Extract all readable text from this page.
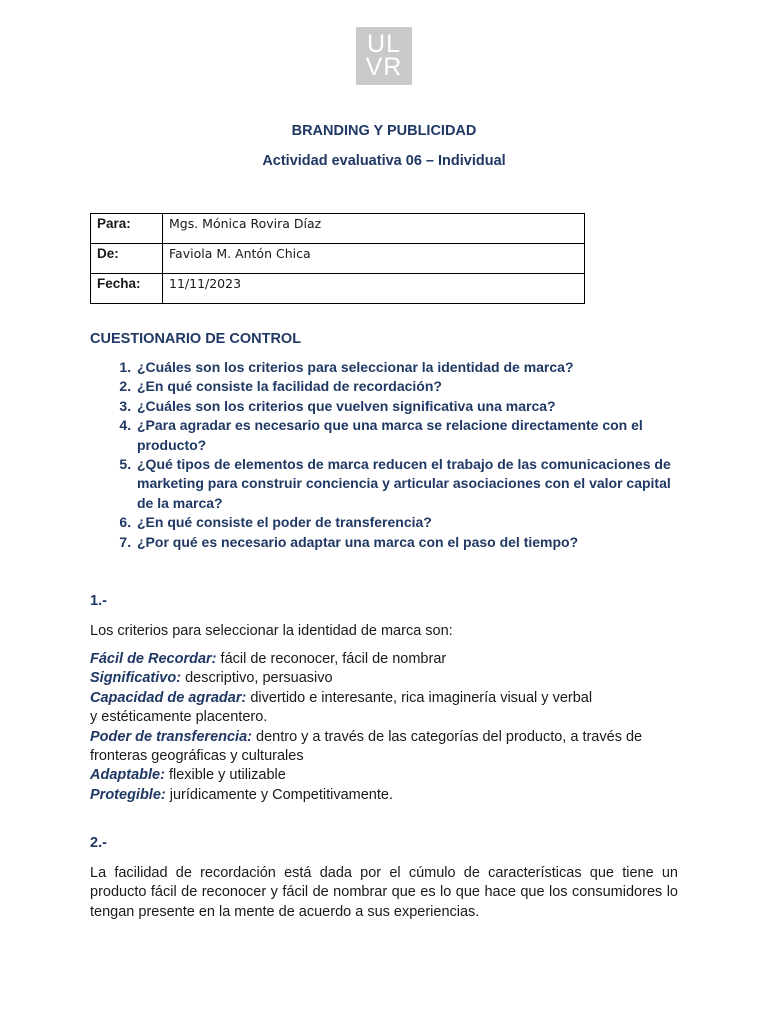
UL
VR
BRANDING Y PUBLICIDAD
Actividad evaluativa 06 – Individual
Para:	Mgs. Mónica Rovira Díaz
De:	Faviola M. Antón Chica
Fecha:	11/11/2023
CUESTIONARIO DE CONTROL
1. ¿Cuáles son los criterios para seleccionar la identidad de marca?
2. ¿En qué consiste la facilidad de recordación?
3. ¿Cuáles son los criterios que vuelven significativa una marca?
4. ¿Para agradar es necesario que una marca se relacione directamente con el producto?
5. ¿Qué tipos de elementos de marca reducen el trabajo de las comunicaciones de marketing para construir conciencia y articular asociaciones con el valor capital de la marca?
6. ¿En qué consiste el poder de transferencia?
7. ¿Por qué es necesario adaptar una marca con el paso del tiempo?
1.-
Los criterios para seleccionar la identidad de marca son:

Fácil de Recordar: fácil de reconocer, fácil de nombrar

Significativo: descriptivo, persuasivo

Capacidad de agradar: divertido e interesante, rica imaginería visual y verbal

y estéticamente placentero.

Poder de transferencia: dentro y a través de las categorías del producto, a través de fronteras geográficas y culturales

Adaptable: flexible y utilizable

Protegible: jurídicamente y Competitivamente.

2.-
La facilidad de recordación está dada por el cúmulo de características que tiene un producto fácil de reconocer y fácil de nombrar que es lo que hace que los consumidores lo tengan presente en la mente de acuerdo a sus experiencias.
